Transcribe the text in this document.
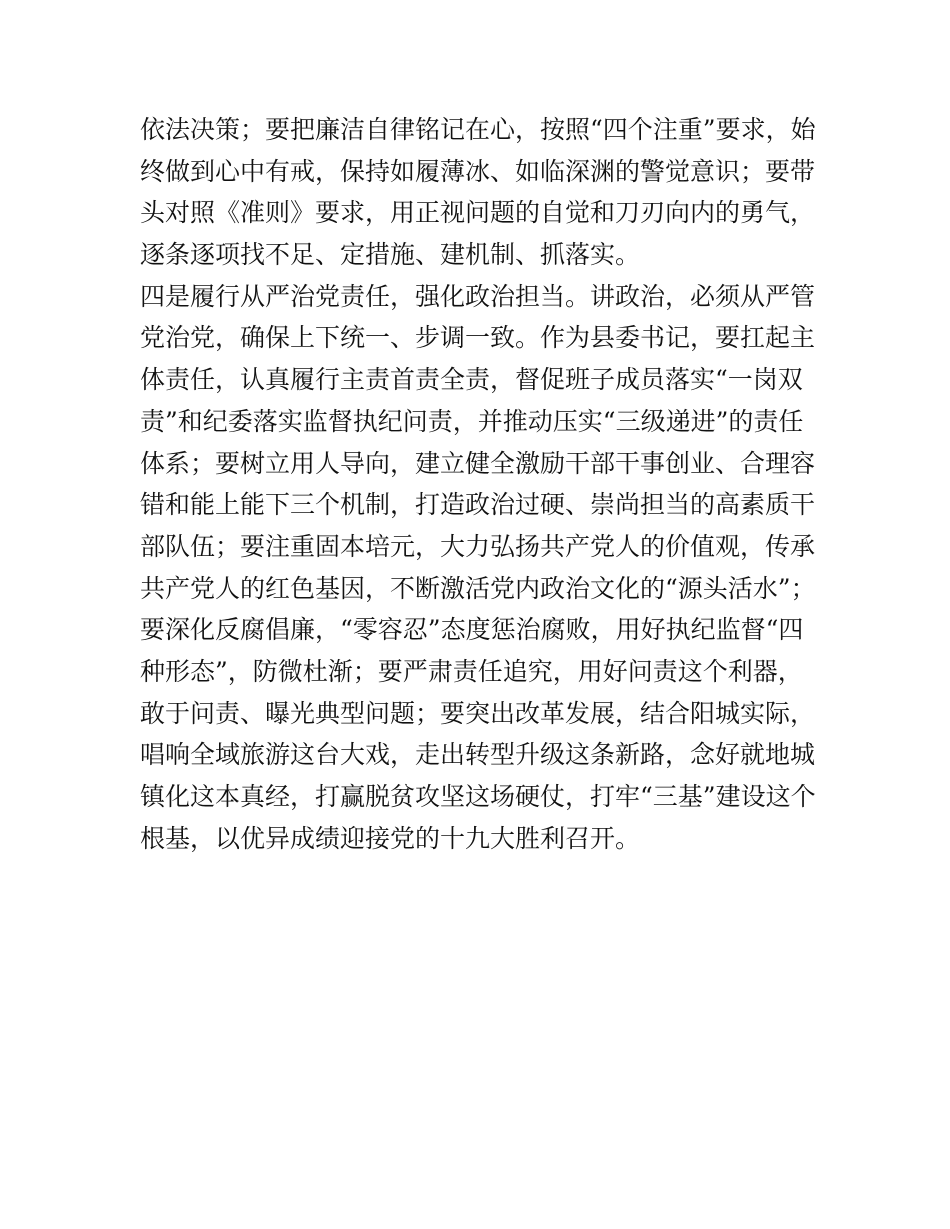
依法决策；要把廉洁自律铭记在心，按照“四个注重”要求，始
终做到心中有戒，保持如履薄冰、如临深渊的警觉意识；要带
头对照《准则》要求，用正视问题的自觉和刀刃向内的勇气，
逐条逐项找不足、定措施、建机制、抓落实。
四是履行从严治党责任，强化政治担当。讲政治，必须从严管
党治党，确保上下统一、步调一致。作为县委书记，要扛起主
体责任，认真履行主责首责全责，督促班子成员落实“一岗双
责”和纪委落实监督执纪问责，并推动压实“三级递进”的责任
体系；要树立用人导向，建立健全激励干部干事创业、合理容
错和能上能下三个机制，打造政治过硬、崇尚担当的高素质干
部队伍；要注重固本培元，大力弘扬共产党人的价值观，传承
共产党人的红色基因，不断激活党内政治文化的“源头活水”；
要深化反腐倡廉，“零容忍”态度惩治腐败，用好执纪监督“四
种形态”，防微杜渐；要严肃责任追究，用好问责这个利器，
敢于问责、曝光典型问题；要突出改革发展，结合阳城实际，
唱响全域旅游这台大戏，走出转型升级这条新路，念好就地城
镇化这本真经，打赢脱贫攻坚这场硬仗，打牢“三基”建设这个
根基，以优异成绩迎接党的十九大胜利召开。
